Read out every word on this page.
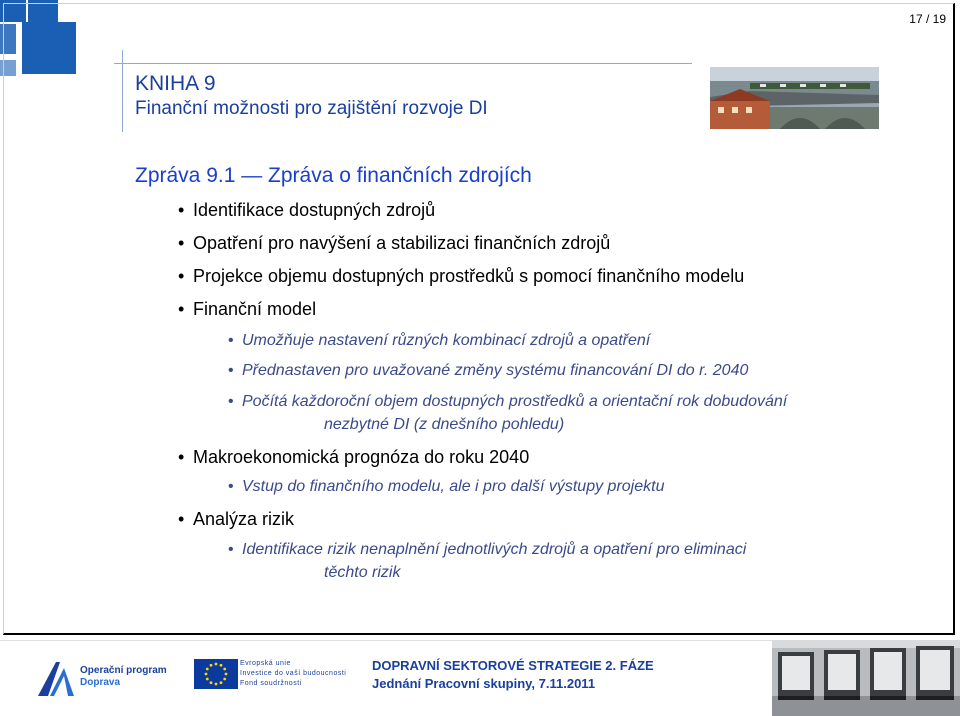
17 / 19
KNIHA 9
Finanční možnosti pro zajištění rozvoje DI
Zpráva 9.1 — Zpráva o finančních zdrojích
• Identifikace dostupných zdrojů
• Opatření pro navýšení a stabilizaci finančních zdrojů
• Projekce objemu dostupných prostředků s pomocí finančního modelu
• Finanční model
• Umožňuje nastavení různých kombinací zdrojů a opatření
• Přednastaven pro uvažované změny systému financování DI do r. 2040
• Počítá každoroční objem dostupných prostředků a orientační rok dobudování
nezbytné DI (z dnešního pohledu)
• Makroekonomická prognóza do roku 2040
• Vstup do finančního modelu, ale i pro další výstupy projektu
• Analýza rizik
• Identifikace rizik nenaplnění jednotlivých zdrojů a opatření pro eliminaci
těchto rizik
Operační program
Doprava
Evropská unie
Investice do vaší budoucnosti
Fond soudržnosti
DOPRAVNÍ SEKTOROVÉ STRATEGIE 2. FÁZE
Jednání Pracovní skupiny, 7.11.2011
